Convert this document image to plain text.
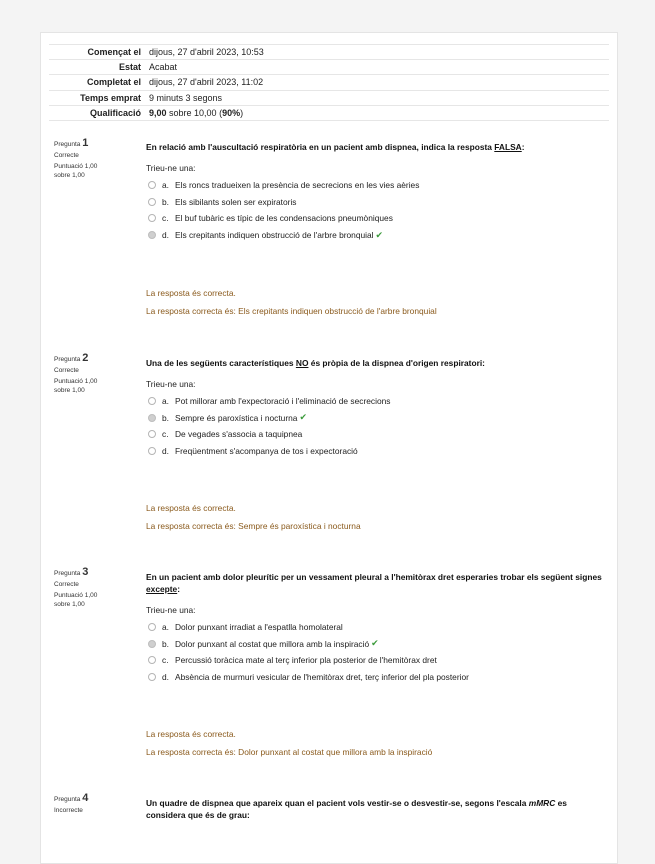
Començat el dijous, 27 d'abril 2023, 10:53
Estat Acabat
Completat el dijous, 27 d'abril 2023, 11:02
Temps emprat 9 minuts 3 segons
Qualificació 9,00 sobre 10,00 (90%)
Pregunta 1
Correcte
Puntuació 1,00
sobre 1,00
En relació amb l'auscultació respiratòria en un pacient amb dispnea, indica la resposta FALSA:
Trieu-ne una:
a. Els roncs tradueixen la presència de secrecions en les vies aèries
b. Els sibilants solen ser expiratoris
c. El buf tubàric es típic de les condensacions pneumòniques
d. Els crepitants indiquen obstrucció de l'arbre bronquial ✔
La resposta és correcta.
La resposta correcta és: Els crepitants indiquen obstrucció de l'arbre bronquial
Pregunta 2
Correcte
Puntuació 1,00
sobre 1,00
Una de les següents característiques NO és pròpia de la dispnea d'origen respiratori:
Trieu-ne una:
a. Pot millorar amb l'expectoració i l'eliminació de secrecions
b. Sempre és paroxística i nocturna ✔
c. De vegades s'associa a taquipnea
d. Freqüentment s'acompanya de tos i expectoració
La resposta és correcta.
La resposta correcta és: Sempre és paroxística i nocturna
Pregunta 3
Correcte
Puntuació 1,00
sobre 1,00
En un pacient amb dolor pleurític per un vessament pleural a l'hemitòrax dret esperaries trobar els següent signes excepte:
Trieu-ne una:
a. Dolor punxant irradiat a l'espatlla homolateral
b. Dolor punxant al costat que millora amb la inspiració ✔
c. Percussió toràcica mate al terç inferior pla posterior de l'hemitòrax dret
d. Absència de murmuri vesicular de l'hemitòrax dret, terç inferior del pla posterior
La resposta és correcta.
La resposta correcta és: Dolor punxant al costat que millora amb la inspiració
Pregunta 4
Incorrecte
Un quadre de dispnea que apareix quan el pacient vols vestir-se o desvestir-se, segons l'escala mMRC es considera que és de grau:
